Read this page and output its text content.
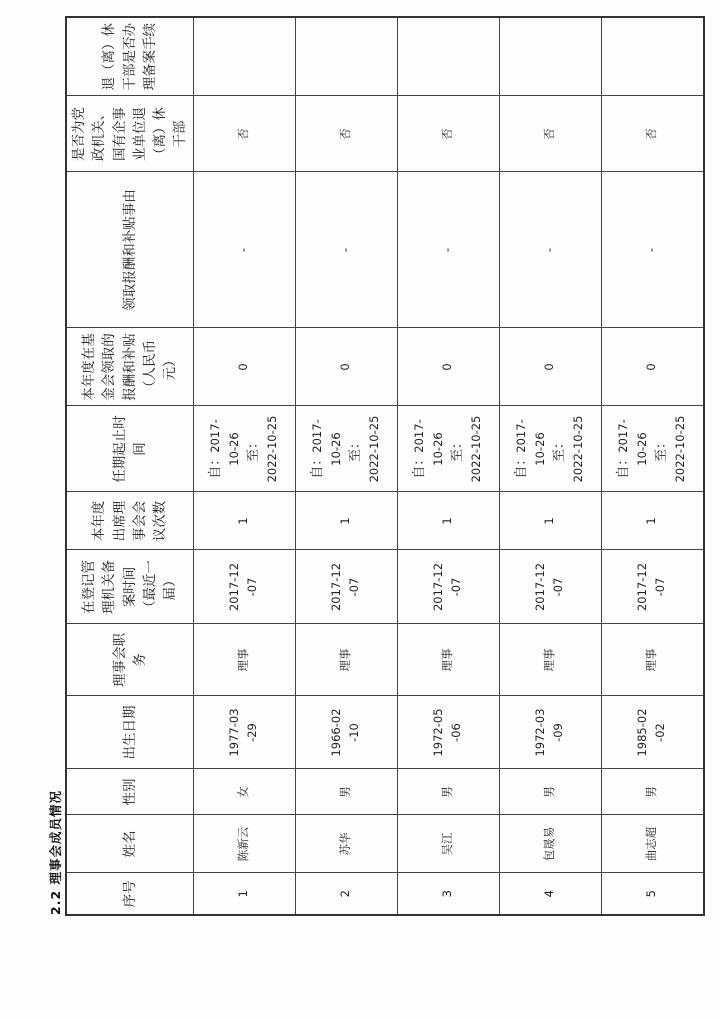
2.2 理事会成员情况	序号	姓名	性别	出生日期	理事会职务	在登记管理机关备案时间（最近一届）	本年度出席理事会会议次数	任期起止时间	本年度在基金会领取的报酬和补贴（人民币元）	领取报酬和补贴事由	是否为党政机关、国有企事业单位退（离）休干部	退（离）休干部是否办理备案手续
1	陈新云	女	1977-03-29	理事	2017-12-07	1	自：2017-10-26 至： 2022-10-25	0	-	否	
2	苏华	男	1966-02-10	理事	2017-12-07	1	自：2017-10-26 至： 2022-10-25	0	-	否	
3	吴江	男	1972-05-06	理事	2017-12-07	1	自：2017-10-26 至： 2022-10-25	0	-	否	
4	包晟易	男	1972-03-09	理事	2017-12-07	1	自：2017-10-26 至： 2022-10-25	0	-	否	
5	曲志超	男	1985-02-02	理事	2017-12-07	1	自：2017-10-26 至： 2022-10-25	0	-	否	
